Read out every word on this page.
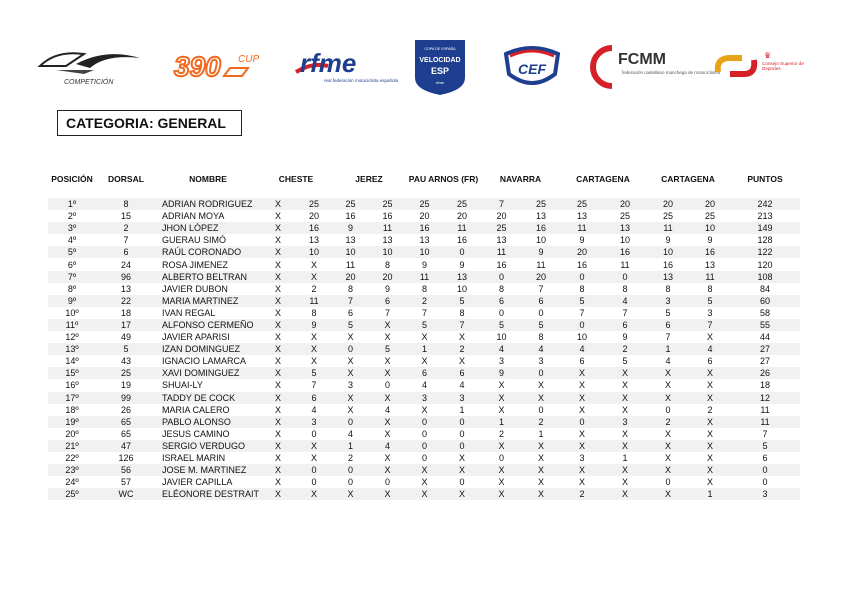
COMPETICIÓN
390 CUP rfme
real federación motociclista española
COPA DE ESPAÑA
VELOCIDAD
ESP
rfme
CEF
FCMM
federación castellano manchega de motociclismo
♛
Consejo Superior de Deportes
CATEGORIA: GENERAL
POSICIÓN	DORSAL	NOMBRE	CHESTE		JEREZ		PAU ARNOS (FR)		NAVARRA		CARTAGENA		CARTAGENA		PUNTOS
1º	8	ADRIAN RODRIGUEZ	X	25	25	25	25	25	7	25	25	20	20	20	242
2º	15	ADRIAN MOYA	X	20	16	16	20	20	20	13	13	25	25	25	213
3º	2	JHON LÓPEZ	X	16	9	11	16	11	25	16	11	13	11	10	149
4º	7	GUERAU SIMÓ	X	13	13	13	13	16	13	10	9	10	9	9	128
5º	6	RAÚL CORONADO	X	10	10	10	10	0	11	9	20	16	10	16	122
6º	24	ROSA JIMENEZ	X	X	11	8	9	9	16	11	16	11	16	13	120
7º	96	ALBERTO BELTRAN	X	X	20	20	11	13	0	20	0	0	13	11	108
8º	13	JAVIER DUBON	X	2	8	9	8	10	8	7	8	8	8	8	84
9º	22	MARIA MARTINEZ	X	11	7	6	2	5	6	6	5	4	3	5	60
10º	18	IVAN REGAL	X	8	6	7	7	8	0	0	7	7	5	3	58
11º	17	ALFONSO CERMEÑO	X	9	5	X	5	7	5	5	0	6	6	7	55
12º	49	JAVIER APARISI	X	X	X	X	X	X	10	8	10	9	7	X	44
13º	5	IZAN DOMINGUEZ	X	X	0	5	1	2	4	4	4	2	1	4	27
14º	43	IGNACIO LAMARCA	X	X	X	X	X	X	3	3	6	5	4	6	27
15º	25	XAVI DOMINGUEZ	X	5	X	X	6	6	9	0	X	X	X	X	26
16º	19	SHUAI-LY	X	7	3	0	4	4	X	X	X	X	X	X	18
17º	99	TADDY DE COCK	X	6	X	X	3	3	X	X	X	X	X	X	12
18º	26	MARIA CALERO	X	4	X	4	X	1	X	0	X	X	0	2	11
19º	65	PABLO ALONSO	X	3	0	X	0	0	1	2	0	3	2	X	11
20º	65	JESUS CAMINO	X	0	4	X	0	0	2	1	X	X	X	X	7
21º	47	SERGIO VERDUGO	X	X	1	4	0	0	X	X	X	X	X	X	5
22º	126	ISRAEL MARIN	X	X	2	X	0	X	0	X	3	1	X	X	6
23º	56	JOSE M. MARTINEZ	X	0	0	X	X	X	X	X	X	X	X	X	0
24º	57	JAVIER CAPILLA	X	0	0	0	X	0	X	X	X	X	0	X	0
25º	WC	ELÉONORE DESTRAIT	X	X	X	X	X	X	X	X	2	X	X	1	3
